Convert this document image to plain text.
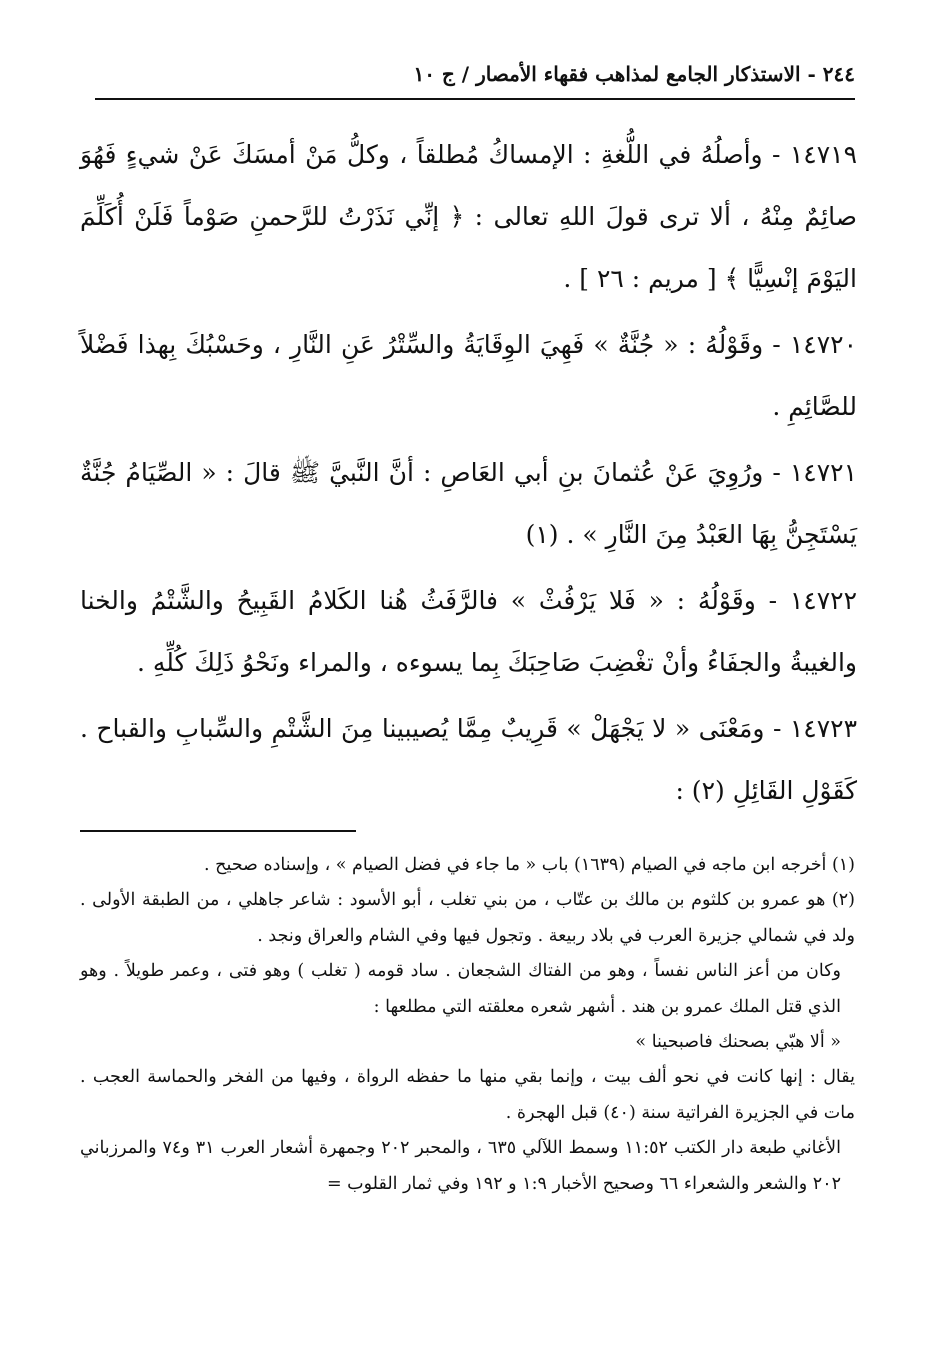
٢٤٤ - الاستذكار الجامع لمذاهب فقهاء الأمصار / ج ١٠

١٤٧١٩ - وأصلُهُ في اللُّغةِ : الإمساكُ مُطلقاً ، وكلُّ مَنْ أمسَكَ عَنْ شيءٍ فَهُوَ صائِمٌ مِنْهُ ، ألا ترى قولَ اللهِ تعالى : ﴿ إنِّي نَذَرْتُ للرَّحمنِ صَوْماً فَلَنْ أُكَلِّمَ اليَوْمَ إنْسِيًّا ﴾ [ مريم : ٢٦ ] .

١٤٧٢٠ - وقَوْلُهُ : « جُنَّةٌ » فَهِيَ الوِقَايَةُ والسِّتْرُ عَنِ النَّارِ ، وحَسْبُكَ بِهذا فَضْلاً للصَّائِمِ .

١٤٧٢١ - ورُوِيَ عَنْ عُثمانَ بنِ أبي العَاصِ : أنَّ النَّبيَّ ﷺ قالَ : « الصِّيَامُ جُنَّةٌ يَسْتَجِنُّ بِهَا العَبْدُ مِنَ النَّارِ » . (١)

١٤٧٢٢ - وقَوْلُهُ : « فَلا يَرْفُثْ » فالرَّفَثُ هُنا الكَلامُ القَبِيحُ والشَّتْمُ والخنا والغيبةُ والجفَاءُ وأنْ تغْضِبَ صَاحِبَكَ بِما يسوءه ، والمراء ونَحْوُ ذَلِكَ كُلِّهِ .

١٤٧٢٣ - ومَعْنَى « لا يَجْهَلْ » قَرِيبٌ مِمَّا يُصيبينا مِنَ الشَّتْمِ والسِّبابِ والقباح . كَقَوْلِ القَائِلِ (٢) :

(١) أخرجه ابن ماجه في الصيام (١٦٣٩) باب « ما جاء في فضل الصيام » ، وإسناده صحيح .

(٢) هو عمرو بن كلثوم بن مالك بن عتّاب ، من بني تغلب ، أبو الأسود : شاعر جاهلي ، من الطبقة الأولى . ولد في شمالي جزيرة العرب في بلاد ربيعة . وتجول فيها وفي الشام والعراق ونجد .

وكان من أعز الناس نفساً ، وهو من الفتاك الشجعان . ساد قومه ( تغلب ) وهو فتى ، وعمر طويلاً . وهو الذي قتل الملك عمرو بن هند . أشهر شعره معلقته التي مطلعها :

« ألا هبّي بصحنك فاصبحينا »

يقال : إنها كانت في نحو ألف بيت ، وإنما بقي منها ما حفظه الرواة ، وفيها من الفخر والحماسة العجب . مات في الجزيرة الفراتية سنة (٤٠) قبل الهجرة .

الأغاني طبعة دار الكتب ١١:٥٢ وسمط اللآلي ٦٣٥ ، والمحبر ٢٠٢ وجمهرة أشعار العرب ٣١ و٧٤ والمرزباني ٢٠٢ والشعر والشعراء ٦٦ وصحيح الأخبار ١:٩ و ١٩٢ وفي ثمار القلوب =
